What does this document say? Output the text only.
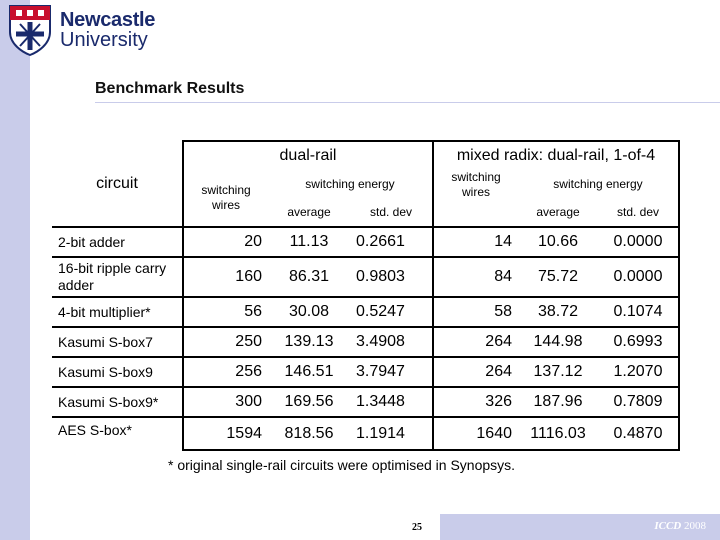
Newcastle
University
Benchmark Results
circuit	dual-rail			mixed radix: dual-rail, 1-of-4		
	switching wires	switching energy		switching wires	switching energy	
		average	std. dev		average	std. dev
2-bit adder	20	11.13	0.2661	14	10.66	0.0000
16-bit ripple carry adder	160	86.31	0.9803	84	75.72	0.0000
4-bit multiplier*	56	30.08	0.5247	58	38.72	0.1074
Kasumi S-box7	250	139.13	3.4908	264	144.98	0.6993
Kasumi S-box9	256	146.51	3.7947	264	137.12	1.2070
Kasumi S-box9*	300	169.56	1.3448	326	187.96	0.7809
AES S-box*	1594	818.56	1.1914	1640	1116.03	0.4870
* original single-rail circuits were optimised in Synopsys.
25	ICCD 2008
